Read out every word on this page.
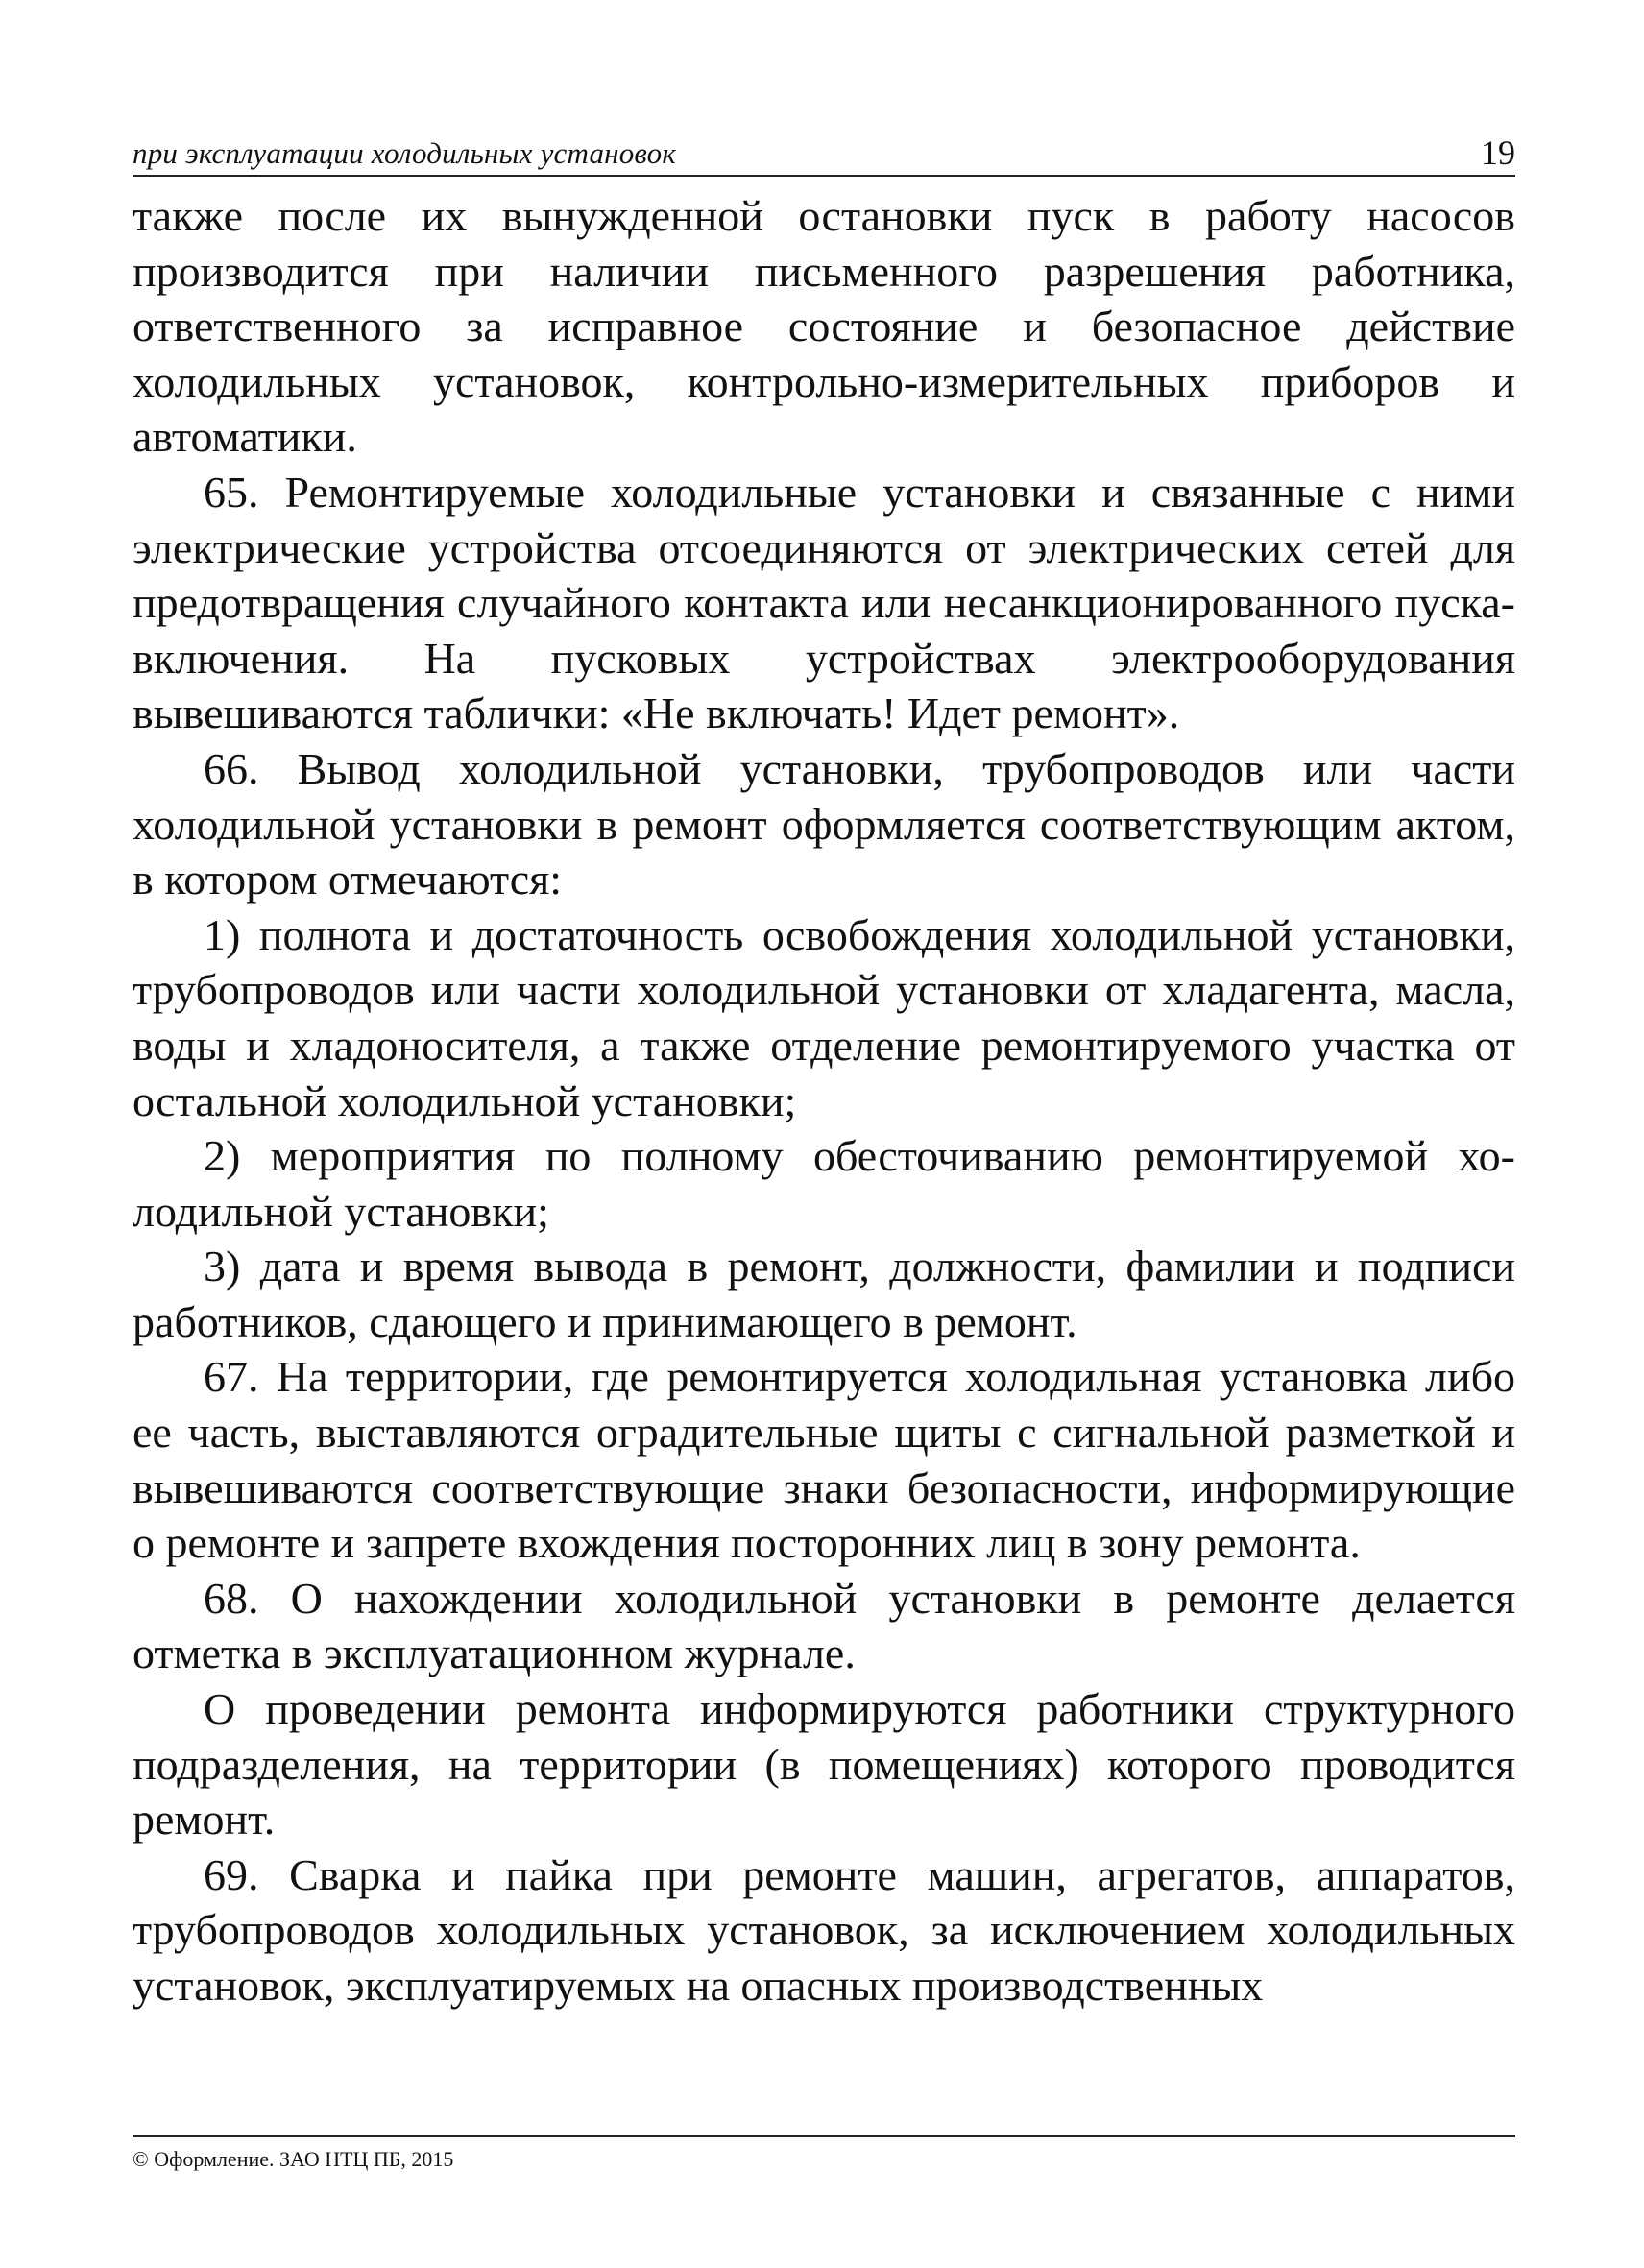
при эксплуатации холодильных установок	19

также после их вынужденной остановки пуск в работу насосов производится при наличии письменного разрешения работника, ответственного за исправное состояние и безопасное действие холодильных установок, контрольно-измерительных приборов и автоматики.

65. Ремонтируемые холодильные установки и связанные с ними электрические устройства отсоединяются от электрических сетей для предотвращения случайного контакта или несанкционированного пуска-включения. На пусковых устройствах электрооборудования вывешиваются таблички: «Не включать! Идет ремонт».

66. Вывод холодильной установки, трубопроводов или части холодильной установки в ремонт оформляется соответствующим актом, в котором отмечаются:

1) полнота и достаточность освобождения холодильной установки, трубопроводов или части холодильной установки от хладагента, масла, воды и хладоносителя, а также отделение ремонтируемого участка от остальной холодильной установки;

2) мероприятия по полному обесточиванию ремонтируемой холодильной установки;

3) дата и время вывода в ремонт, должности, фамилии и подписи работников, сдающего и принимающего в ремонт.

67. На территории, где ремонтируется холодильная установка либо ее часть, выставляются оградительные щиты с сигнальной разметкой и вывешиваются соответствующие знаки безопасности, информирующие о ремонте и запрете вхождения посторонних лиц в зону ремонта.

68. О нахождении холодильной установки в ремонте делается отметка в эксплуатационном журнале.

О проведении ремонта информируются работники структурного подразделения, на территории (в помещениях) которого проводится ремонт.

69. Сварка и пайка при ремонте машин, агрегатов, аппаратов, трубопроводов холодильных установок, за исключением холодильных установок, эксплуатируемых на опасных производственных

© Оформление. ЗАО НТЦ ПБ, 2015
